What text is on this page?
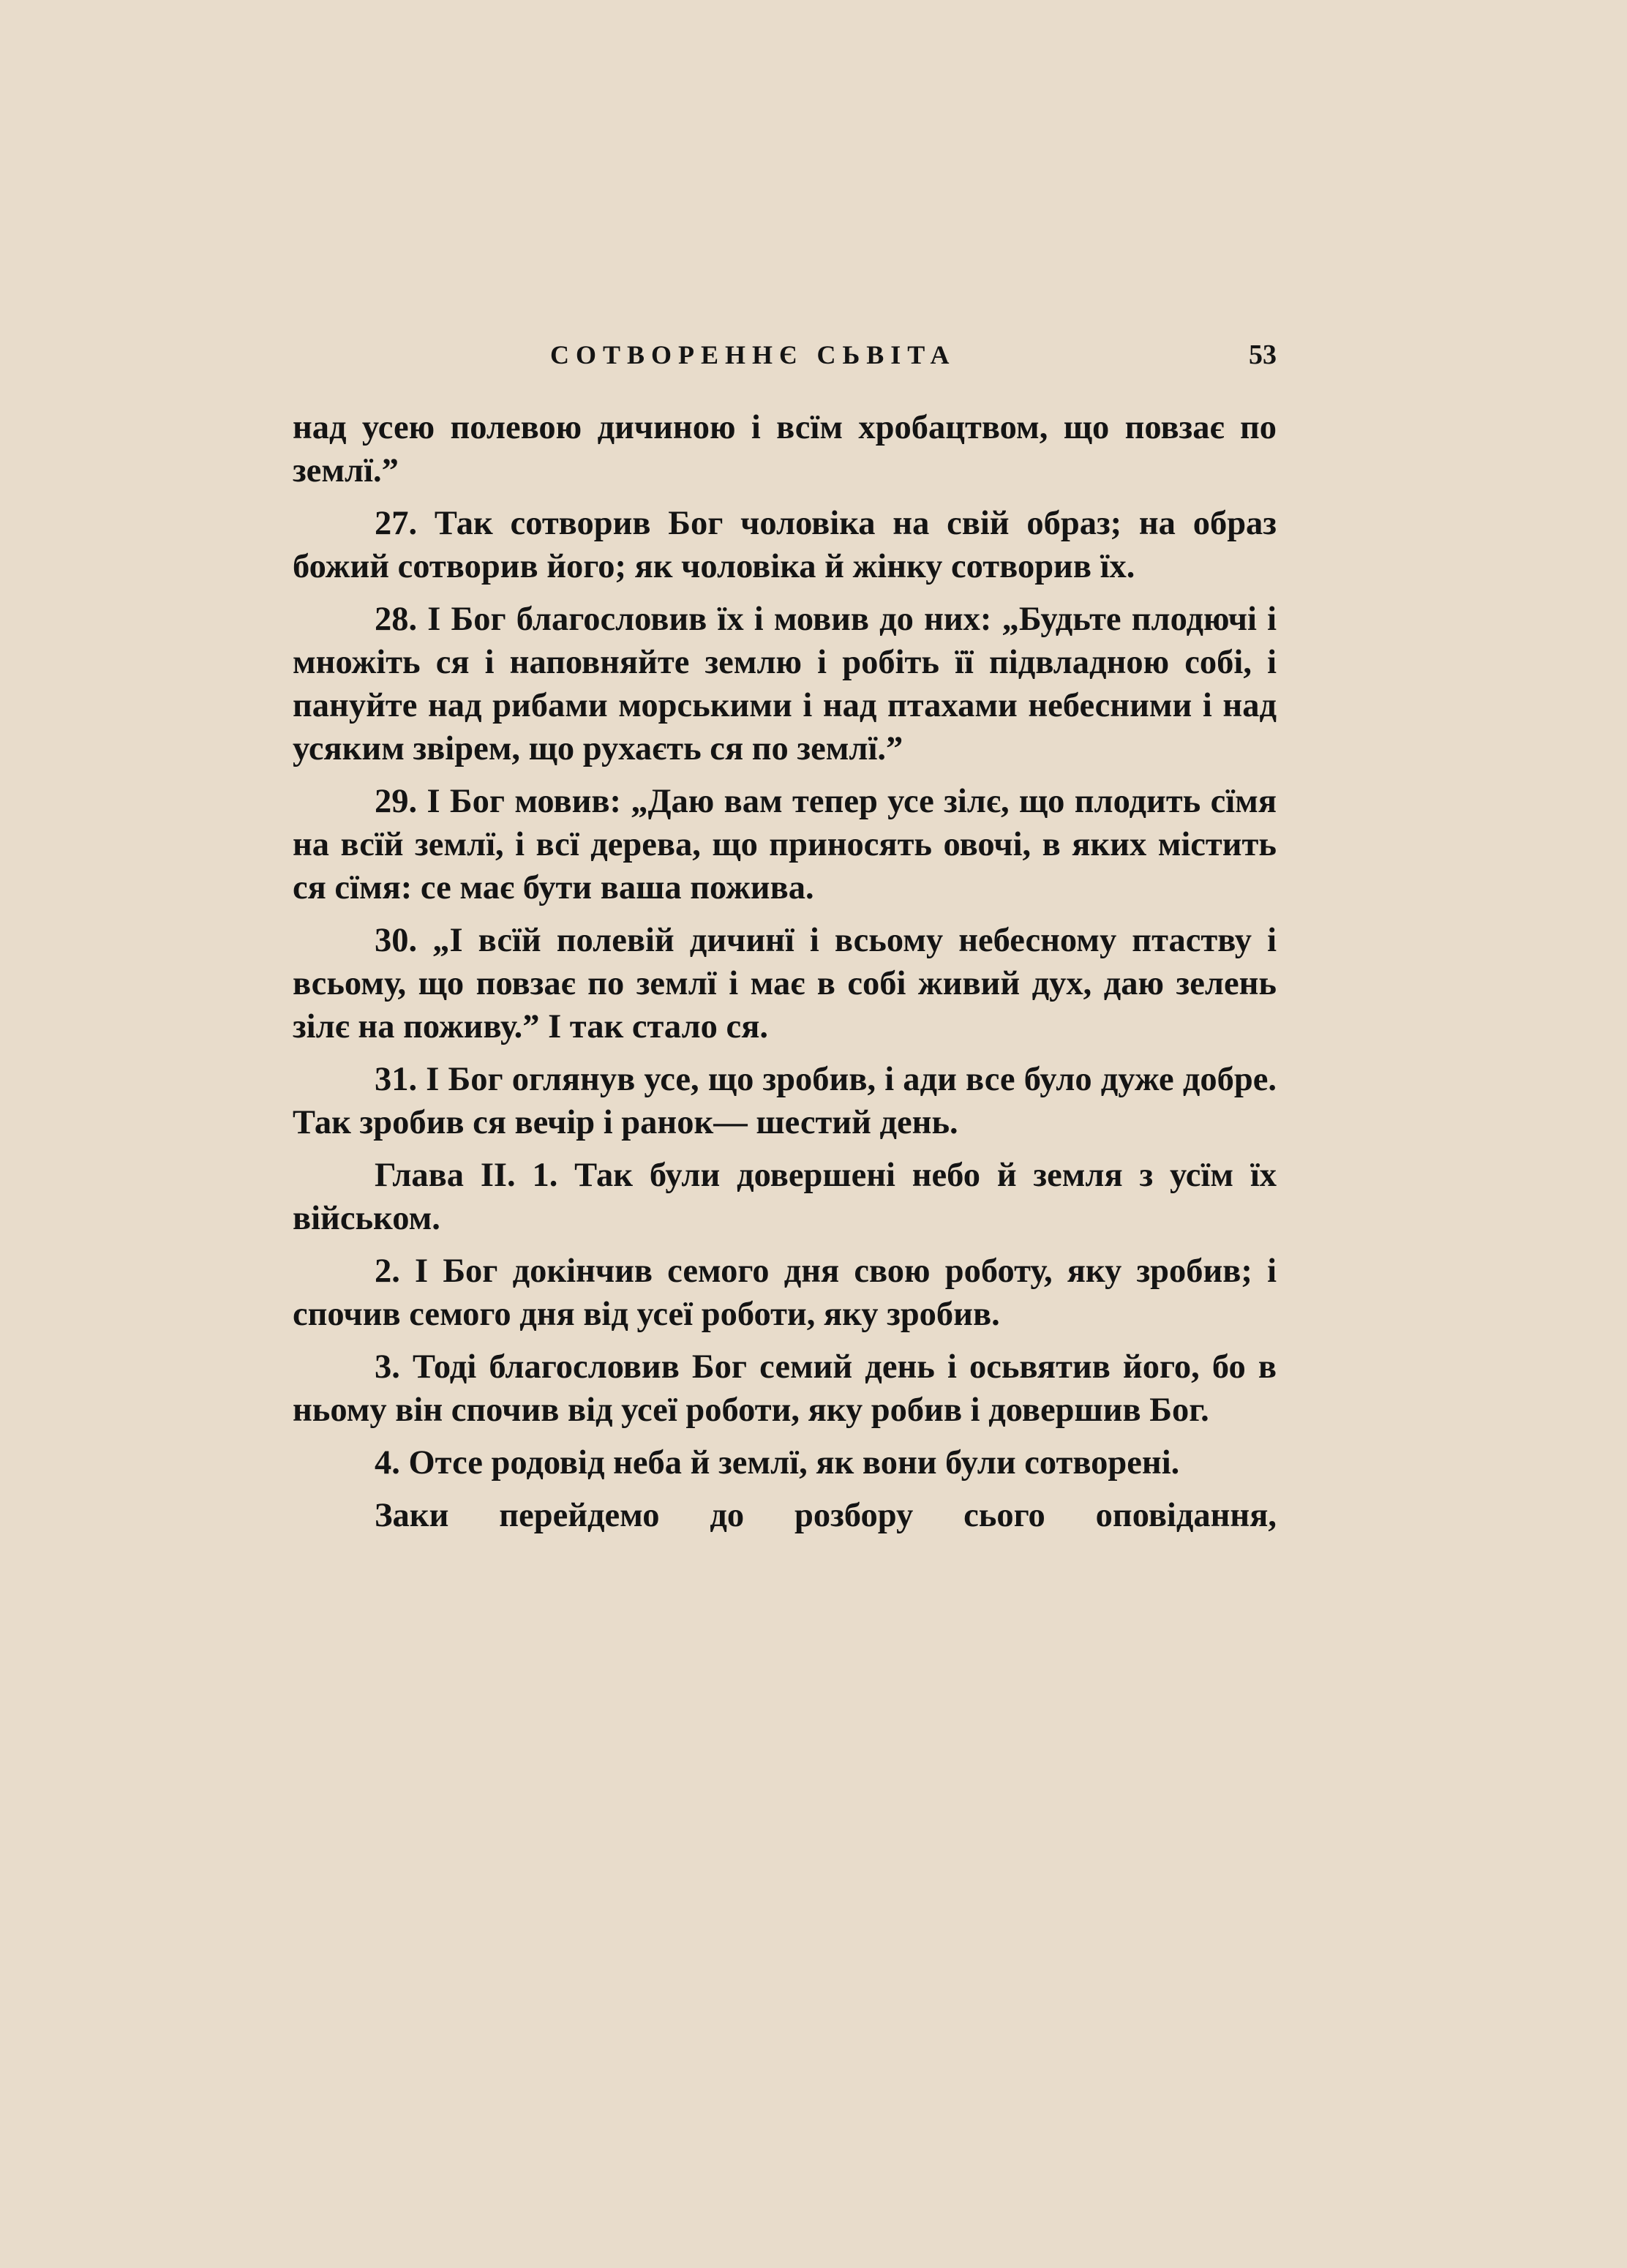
СОТВОРЕННЄ СЬВІТА	53

над усею полевою дичиною і всїм хробацтвом, що повзає по землї.”

27. Так сотворив Бог чоловіка на свій образ; на образ божий сотворив його; як чоловіка й жінку сотворив їх.

28. І Бог благословив їх і мовив до них: „Будьте плодючі і множіть ся і наповняйте землю і робіть її підвладною собі, і пануйте над рибами морськими і над птахами небесними і над усяким звірем, що рухаєть ся по землї.”

29. І Бог мовив: „Даю вам тепер усе зілє, що плодить сїмя на всїй землї, і всї дерева, що приносять овочі, в яких містить ся сїмя: се має бути ваша пожива.

30. „І всїй полевій дичинї і всьому небесному птаству і всьому, що повзає по землї і має в собі живий дух, даю зелень зілє на поживу.” І так стало ся.

31. І Бог оглянув усе, що зробив, і ади все було дуже добре. Так зробив ся вечір і ранок— шестий день.

Глава II. 1. Так були довершені небо й земля з усїм їх військом.

2. І Бог докінчив семого дня свою роботу, яку зробив; і спочив семого дня від усеї роботи, яку зробив.

3. Тоді благословив Бог семий день і осьвятив його, бо в ньому він спочив від усеї роботи, яку робив і довершив Бог.

4. Отсе родовід неба й землї, як вони були сотворені.

Заки перейдемо до розбору сього оповідання,
